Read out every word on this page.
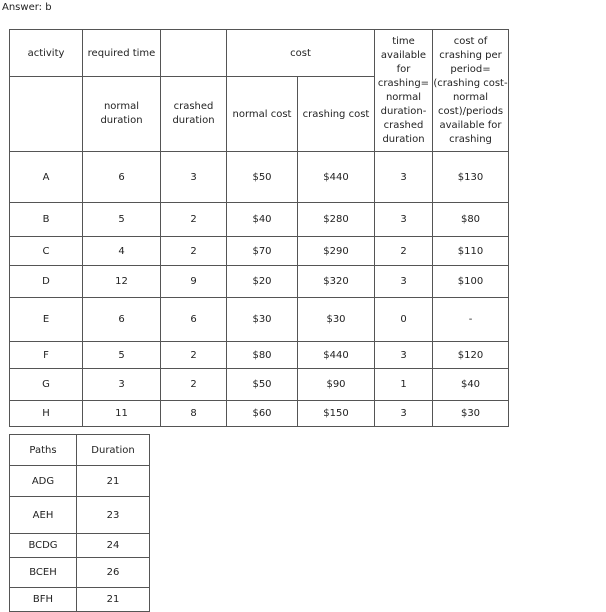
Answer: b
activity	required time		cost		time available for crashing= normal duration- crashed duration	cost of crashing per period= (crashing cost-normal cost)/periods available for crashing
	normal duration	crashed duration	normal cost	crashing cost		
A	6	3	$50	$440	3	$130
B	5	2	$40	$280	3	$80
C	4	2	$70	$290	2	$110
D	12	9	$20	$320	3	$100
E	6	6	$30	$30	0	-
F	5	2	$80	$440	3	$120
G	3	2	$50	$90	1	$40
H	11	8	$60	$150	3	$30
Paths	Duration
ADG	21
AEH	23
BCDG	24
BCEH	26
BFH	21
